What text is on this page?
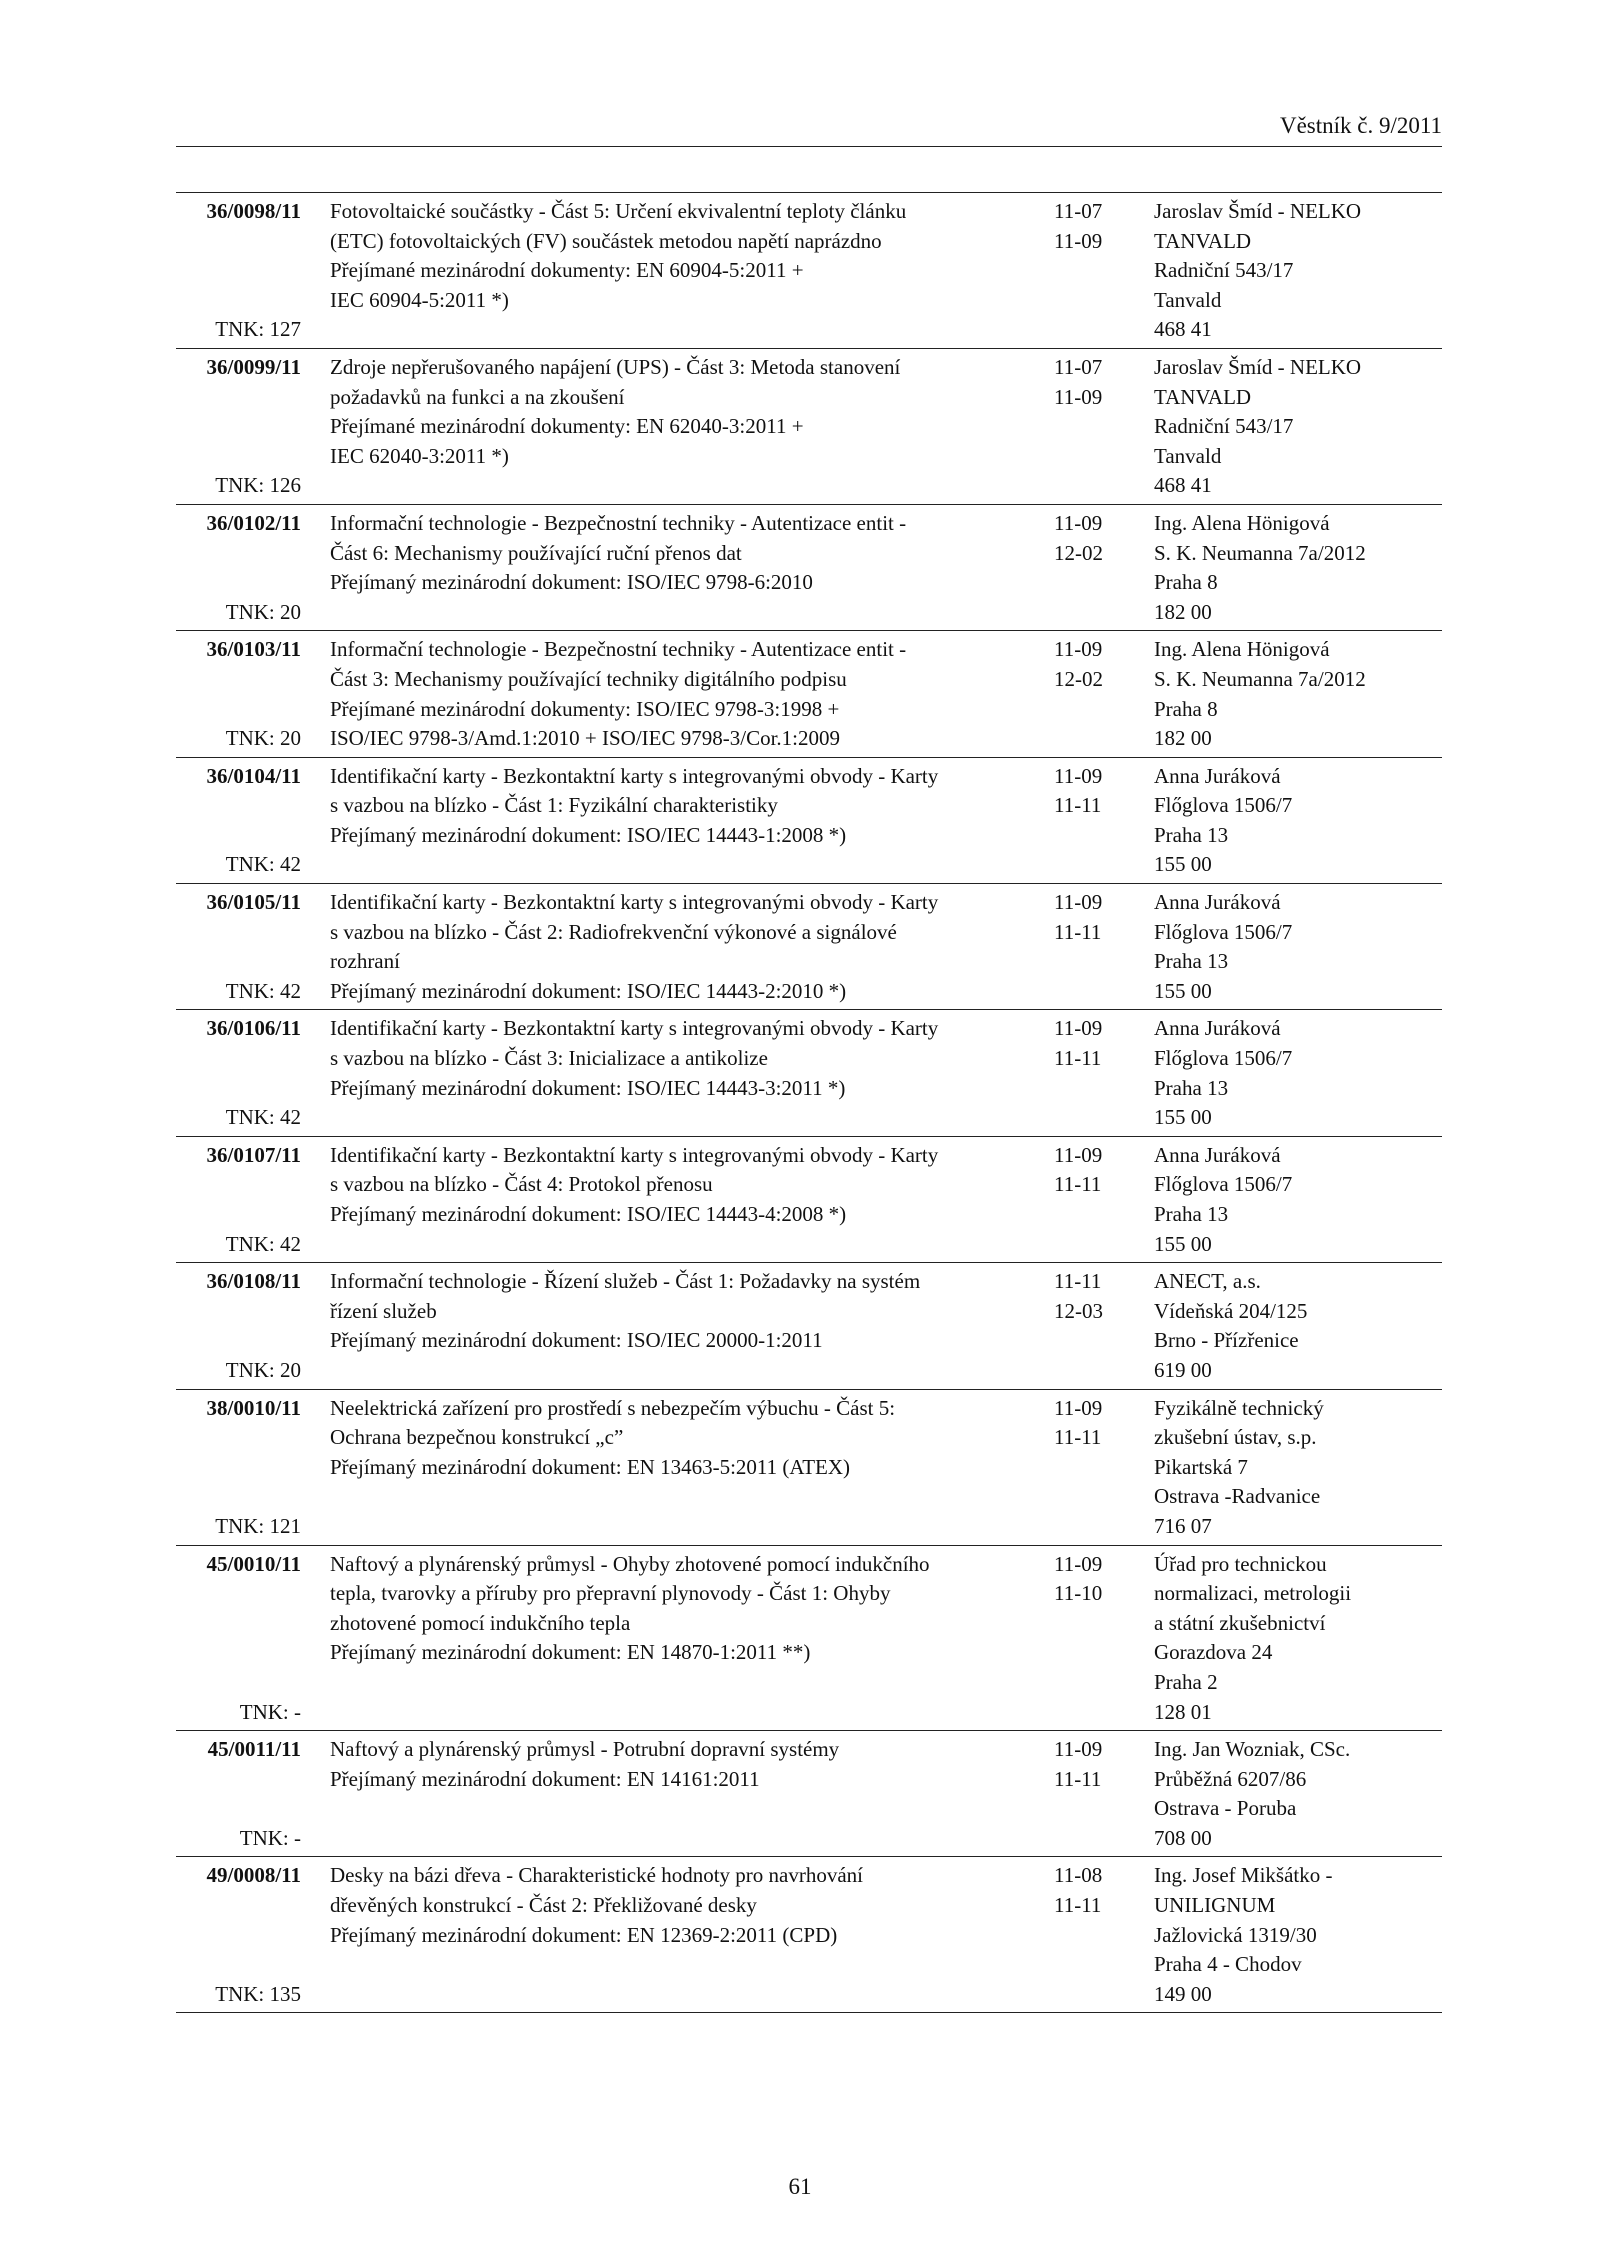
Věstník č. 9/2011
36/0098/11
TNK: 127
Fotovoltaické součástky - Část 5: Určení ekvivalentní teploty článku
(ETC) fotovoltaických (FV) součástek metodou napětí naprázdno
Přejímané mezinárodní dokumenty: EN 60904-5:2011 +
IEC 60904-5:2011 *)
11-07
11-09
Jaroslav Šmíd - NELKO
TANVALD
Radniční 543/17
Tanvald
468 41
36/0099/11
TNK: 126
Zdroje nepřerušovaného napájení (UPS) - Část 3: Metoda stanovení
požadavků na funkci a na zkoušení
Přejímané mezinárodní dokumenty: EN 62040-3:2011 +
IEC 62040-3:2011 *)
11-07
11-09
Jaroslav Šmíd - NELKO
TANVALD
Radniční 543/17
Tanvald
468 41
36/0102/11
TNK: 20
Informační technologie - Bezpečnostní techniky - Autentizace entit -
Část 6: Mechanismy používající ruční přenos dat
Přejímaný mezinárodní dokument: ISO/IEC 9798-6:2010
11-09
12-02
Ing. Alena Hönigová
S. K. Neumanna 7a/2012
Praha 8
182 00
36/0103/11
TNK: 20
Informační technologie - Bezpečnostní techniky - Autentizace entit -
Část 3: Mechanismy používající techniky digitálního podpisu
Přejímané mezinárodní dokumenty: ISO/IEC 9798-3:1998 +
ISO/IEC 9798-3/Amd.1:2010 + ISO/IEC 9798-3/Cor.1:2009
11-09
12-02
Ing. Alena Hönigová
S. K. Neumanna 7a/2012
Praha 8
182 00
36/0104/11
TNK: 42
Identifikační karty - Bezkontaktní karty s integrovanými obvody - Karty
s vazbou na blízko - Část 1: Fyzikální charakteristiky
Přejímaný mezinárodní dokument: ISO/IEC 14443-1:2008 *)
11-09
11-11
Anna Juráková
Flőglova 1506/7
Praha 13
155 00
36/0105/11
TNK: 42
Identifikační karty - Bezkontaktní karty s integrovanými obvody - Karty
s vazbou na blízko - Část 2: Radiofrekvenční výkonové a signálové
rozhraní
Přejímaný mezinárodní dokument: ISO/IEC 14443-2:2010 *)
11-09
11-11
Anna Juráková
Flőglova 1506/7
Praha 13
155 00
36/0106/11
TNK: 42
Identifikační karty - Bezkontaktní karty s integrovanými obvody - Karty
s vazbou na blízko - Část 3: Inicializace a antikolize
Přejímaný mezinárodní dokument: ISO/IEC 14443-3:2011 *)
11-09
11-11
Anna Juráková
Flőglova 1506/7
Praha 13
155 00
36/0107/11
TNK: 42
Identifikační karty - Bezkontaktní karty s integrovanými obvody - Karty
s vazbou na blízko - Část 4: Protokol přenosu
Přejímaný mezinárodní dokument: ISO/IEC 14443-4:2008 *)
11-09
11-11
Anna Juráková
Flőglova 1506/7
Praha 13
155 00
36/0108/11
TNK: 20
Informační technologie - Řízení služeb - Část 1: Požadavky na systém
řízení služeb
Přejímaný mezinárodní dokument: ISO/IEC 20000-1:2011
11-11
12-03
ANECT, a.s.
Vídeňská 204/125
Brno - Přízřenice
619 00
38/0010/11
TNK: 121
Neelektrická zařízení pro prostředí s nebezpečím výbuchu - Část 5:
Ochrana bezpečnou konstrukcí „c”
Přejímaný mezinárodní dokument: EN 13463-5:2011 (ATEX)
11-09
11-11
Fyzikálně technický
zkušební ústav, s.p.
Pikartská 7
Ostrava -Radvanice
716 07
45/0010/11
TNK: -
Naftový a plynárenský průmysl - Ohyby zhotovené pomocí indukčního
tepla, tvarovky a příruby pro přepravní plynovody - Část 1: Ohyby
zhotovené pomocí indukčního tepla
Přejímaný mezinárodní dokument: EN 14870-1:2011 **)
11-09
11-10
Úřad pro technickou
normalizaci, metrologii
a státní zkušebnictví
Gorazdova 24
Praha 2
128 01
45/0011/11
TNK: -
Naftový a plynárenský průmysl - Potrubní dopravní systémy
Přejímaný mezinárodní dokument: EN 14161:2011
11-09
11-11
Ing. Jan Wozniak, CSc.
Průběžná 6207/86
Ostrava - Poruba
708 00
49/0008/11
TNK: 135
Desky na bázi dřeva - Charakteristické hodnoty pro navrhování
dřevěných konstrukcí - Část 2: Překližované desky
Přejímaný mezinárodní dokument: EN 12369-2:2011 (CPD)
11-08
11-11
Ing. Josef Mikšátko -
UNILIGNUM
Jažlovická 1319/30
Praha 4 - Chodov
149 00
61
